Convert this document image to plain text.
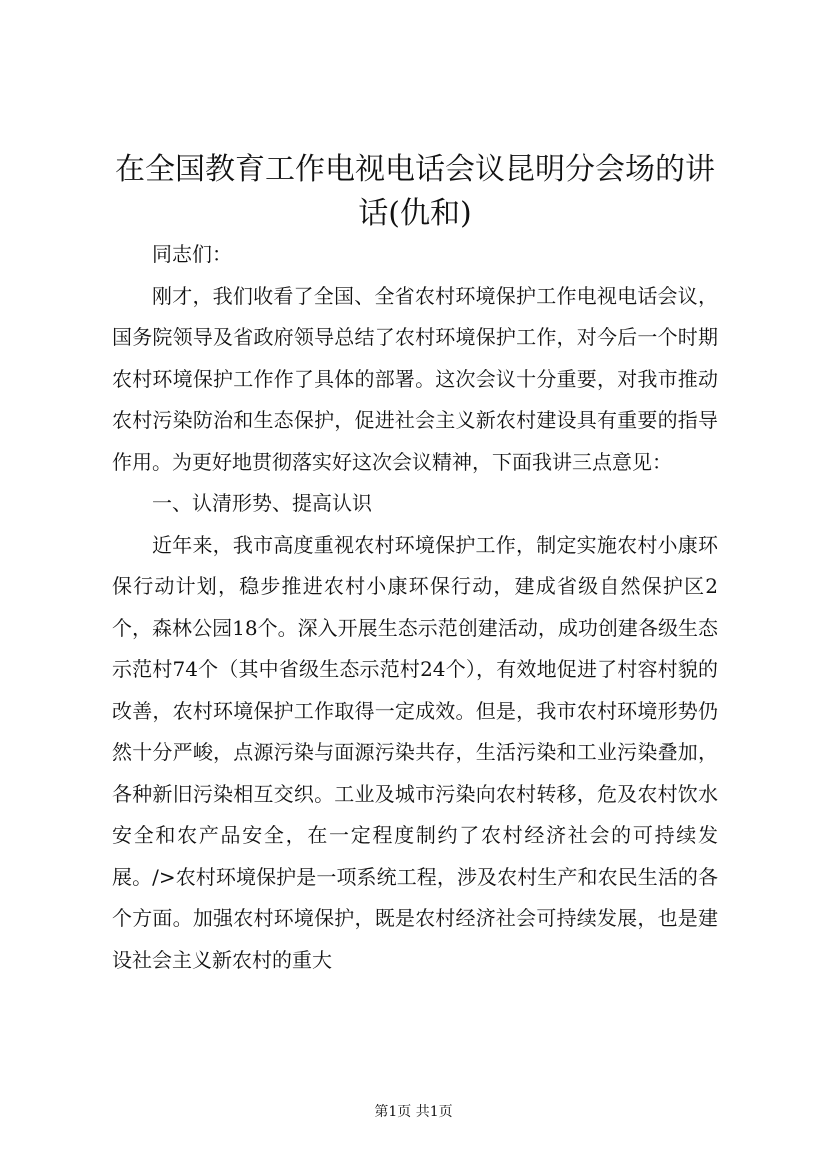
在全国教育工作电视电话会议昆明分会场的讲话(仇和)

同志们：

刚才，我们收看了全国、全省农村环境保护工作电视电话会议，国务院领导及省政府领导总结了农村环境保护工作，对今后一个时期农村环境保护工作作了具体的部署。这次会议十分重要，对我市推动农村污染防治和生态保护，促进社会主义新农村建设具有重要的指导作用。为更好地贯彻落实好这次会议精神，下面我讲三点意见：

一、认清形势、提高认识

近年来，我市高度重视农村环境保护工作，制定实施农村小康环保行动计划，稳步推进农村小康环保行动，建成省级自然保护区2个，森林公园18个。深入开展生态示范创建活动，成功创建各级生态示范村74个（其中省级生态示范村24个），有效地促进了村容村貌的改善，农村环境保护工作取得一定成效。但是，我市农村环境形势仍然十分严峻，点源污染与面源污染共存，生活污染和工业污染叠加，各种新旧污染相互交织。工业及城市污染向农村转移，危及农村饮水安全和农产品安全，在一定程度制约了农村经济社会的可持续发展。/>农村环境保护是一项系统工程，涉及农村生产和农民生活的各个方面。加强农村环境保护，既是农村经济社会可持续发展，也是建设社会主义新农村的重大

第1页 共1页
